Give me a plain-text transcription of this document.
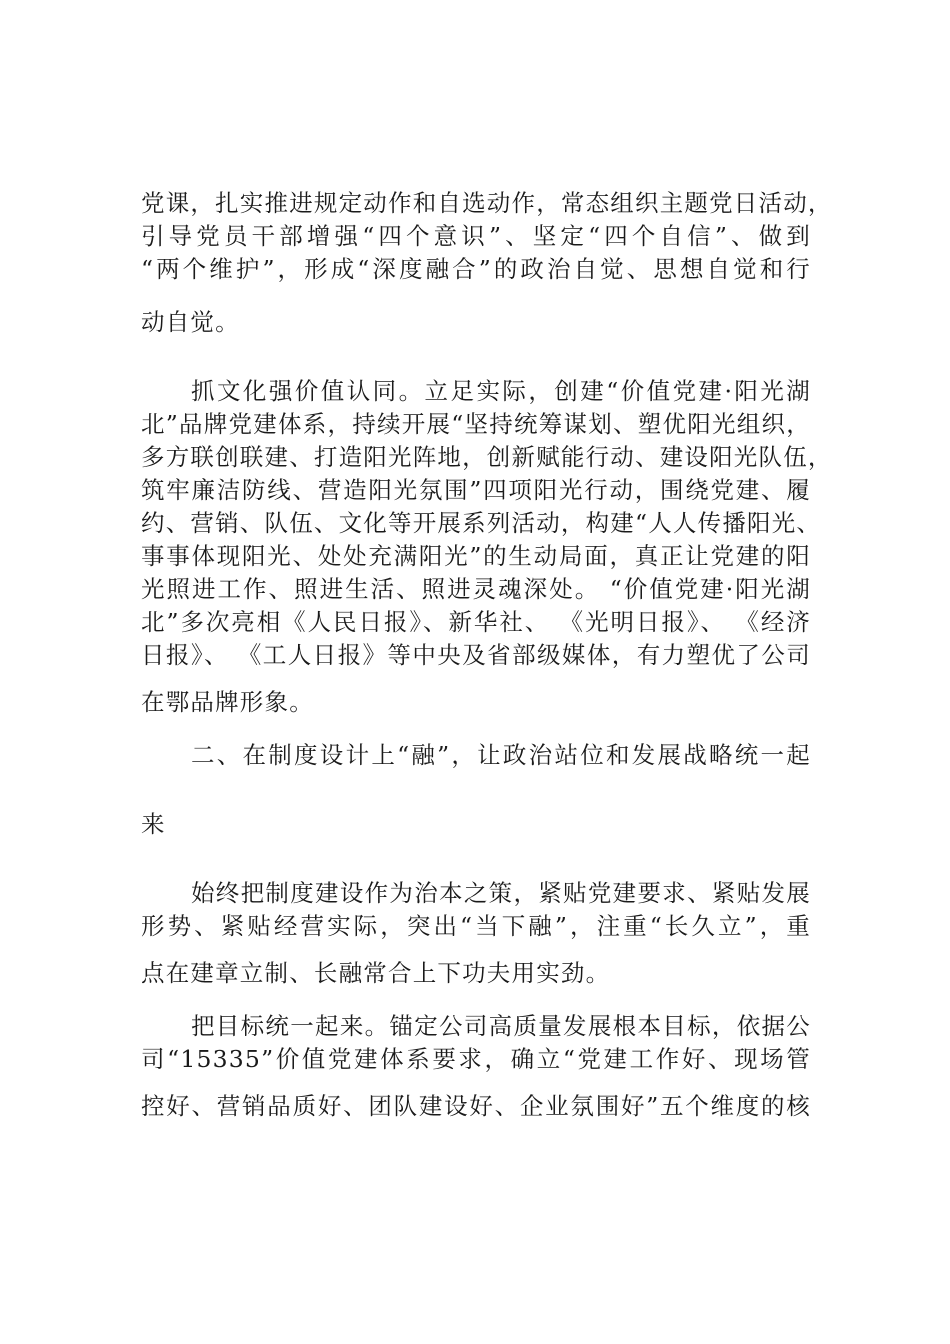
党课，扎实推进规定动作和自选动作，常态组织主题党日活动，
引导党员干部增强“四个意识”、坚定“四个自信”、做到
“两个维护”，形成“深度融合”的政治自觉、思想自觉和行
动自觉。
抓文化强价值认同。立足实际，创建“价值党建·阳光湖
北”品牌党建体系，持续开展“坚持统筹谋划、塑优阳光组织，
多方联创联建、打造阳光阵地，创新赋能行动、建设阳光队伍，
筑牢廉洁防线、营造阳光氛围”四项阳光行动，围绕党建、履
约、营销、队伍、文化等开展系列活动，构建“人人传播阳光、
事事体现阳光、处处充满阳光”的生动局面，真正让党建的阳
光照进工作、照进生活、照进灵魂深处。 “价值党建·阳光湖
北”多次亮相《人民日报》、新华社、 《光明日报》、 《经济
日报》、 《工人日报》等中央及省部级媒体，有力塑优了公司
在鄂品牌形象。
二、在制度设计上“融”，让政治站位和发展战略统一起
来
始终把制度建设作为治本之策，紧贴党建要求、紧贴发展
形势、紧贴经营实际，突出“当下融”，注重“长久立”，重
点在建章立制、长融常合上下功夫用实劲。
把目标统一起来。锚定公司高质量发展根本目标，依据公
司“15335”价值党建体系要求，确立“党建工作好、现场管
控好、营销品质好、团队建设好、企业氛围好”五个维度的核
